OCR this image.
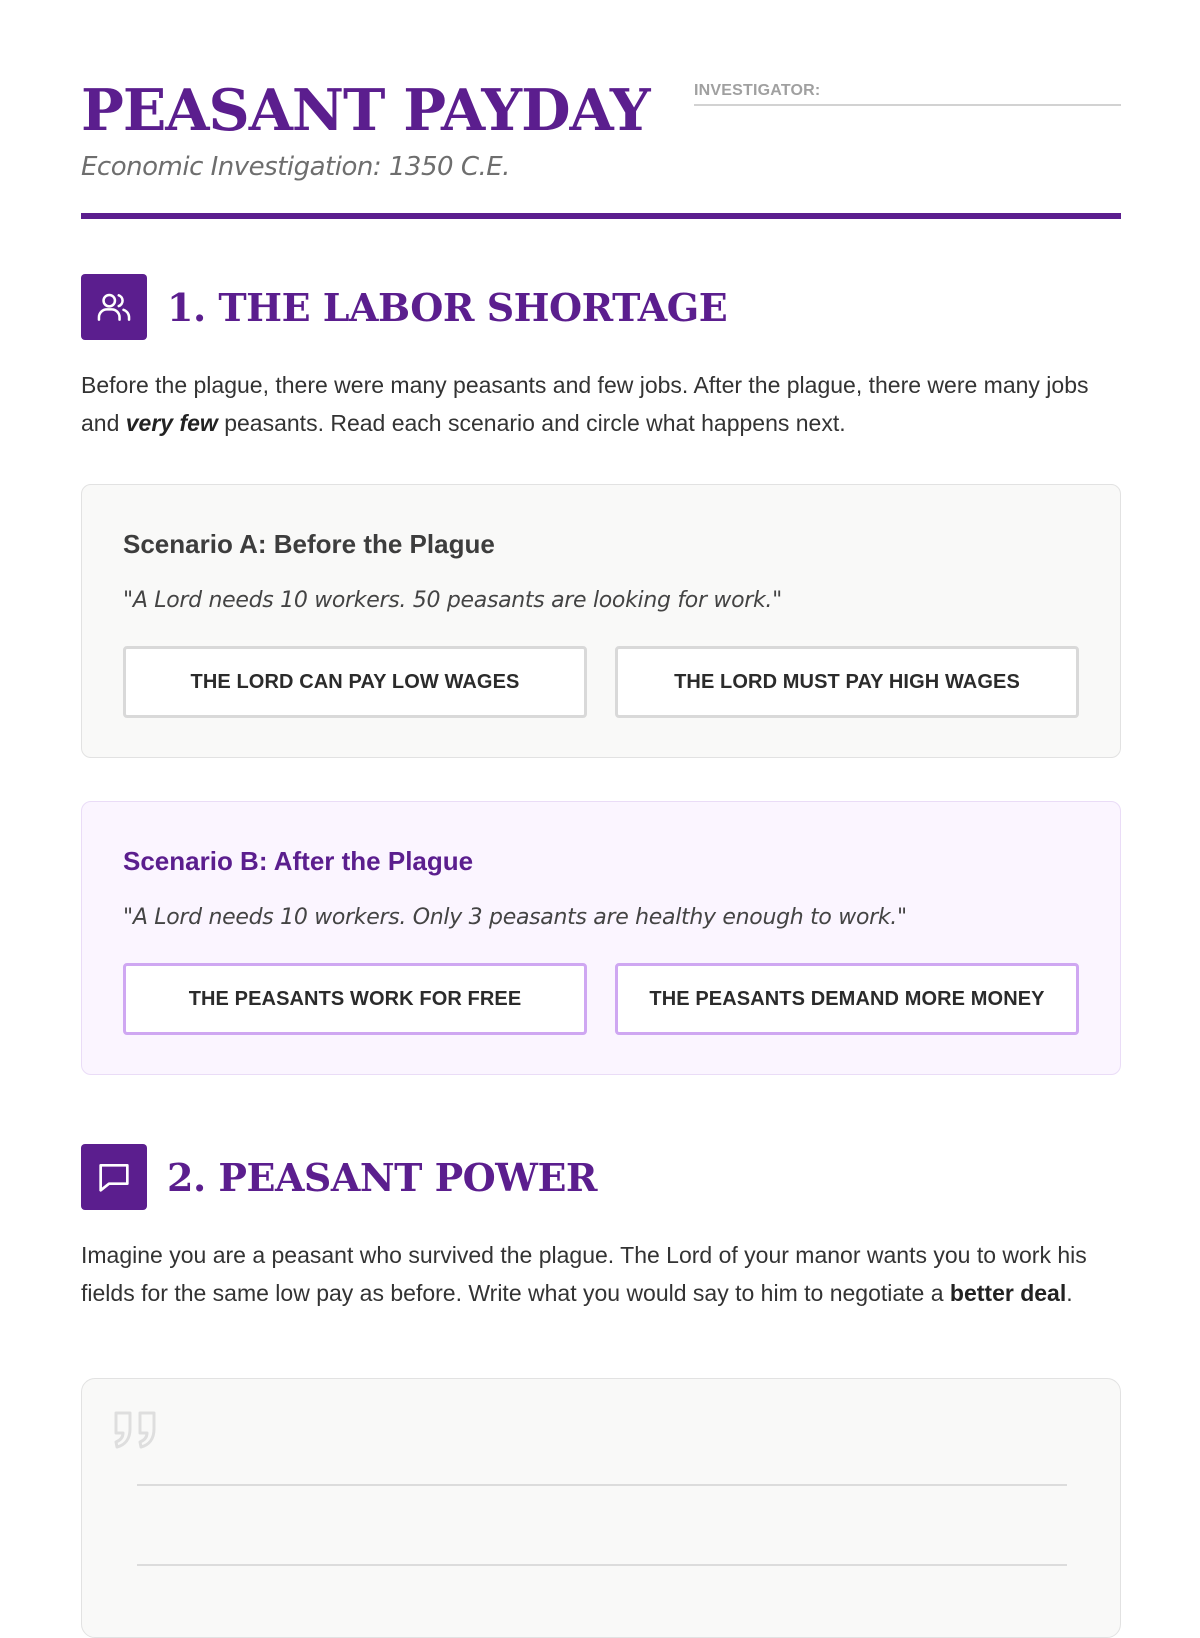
PEASANT PAYDAY

Economic Investigation: 1350 C.E.

INVESTIGATOR:
1. THE LABOR SHORTAGE

Before the plague, there were many peasants and few jobs. After the plague, there were many jobs and very few peasants. Read each scenario and circle what happens next.

Scenario A: Before the Plague

"A Lord needs 10 workers. 50 peasants are looking for work."

THE LORD CAN PAY LOW WAGES	THE LORD MUST PAY HIGH WAGES
Scenario B: After the Plague

"A Lord needs 10 workers. Only 3 peasants are healthy enough to work."

THE PEASANTS WORK FOR FREE	THE PEASANTS DEMAND MORE MONEY
2. PEASANT POWER

Imagine you are a peasant who survived the plague. The Lord of your manor wants you to work his fields for the same low pay as before. Write what you would say to him to negotiate a better deal.
